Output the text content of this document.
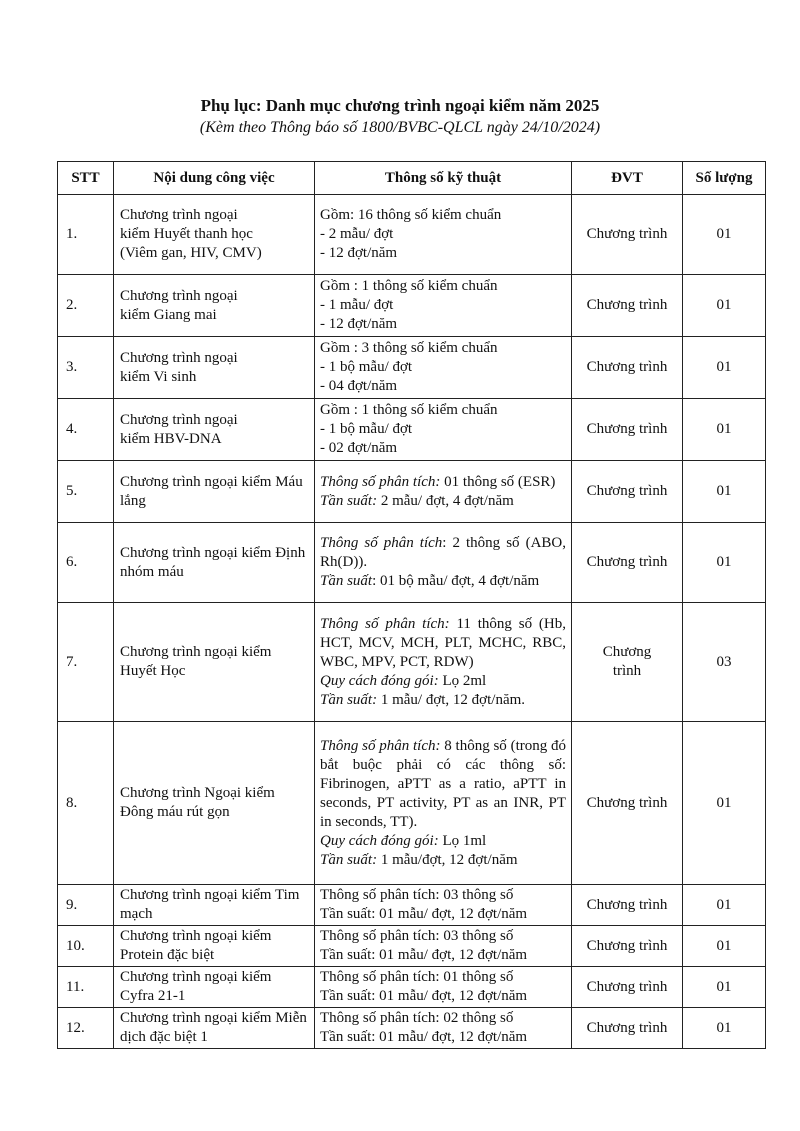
Phụ lục: Danh mục chương trình ngoại kiểm năm 2025
(Kèm theo Thông báo số 1800/BVBC-QLCL ngày 24/10/2024)
STT	Nội dung công việc	Thông số kỹ thuật	ĐVT	Số lượng
1.	Chương trình ngoại kiểm Huyết thanh học (Viêm gan, HIV, CMV)	Gồm: 16 thông số kiểm chuẩn
- 2 mẫu/ đợt
- 12 đợt/năm	Chương trình	01
2.	Chương trình ngoại kiểm Giang mai	Gồm : 1 thông số kiểm chuẩn
- 1 mẫu/ đợt
- 12 đợt/năm	Chương trình	01
3.	Chương trình ngoại kiểm Vi sinh	Gồm : 3 thông số kiểm chuẩn
- 1 bộ mẫu/ đợt
- 04 đợt/năm	Chương trình	01
4.	Chương trình ngoại kiểm HBV-DNA	Gồm : 1 thông số kiểm chuẩn
- 1 bộ mẫu/ đợt
- 02 đợt/năm	Chương trình	01
5.	Chương trình ngoại kiểm Máu lắng	Thông số phân tích: 01 thông số (ESR)
Tần suất: 2 mẫu/ đợt, 4 đợt/năm	Chương trình	01
6.	Chương trình ngoại kiểm Định nhóm máu	Thông số phân tích: 2 thông số (ABO, Rh(D)).
Tần suất: 01 bộ mẫu/ đợt, 4 đợt/năm	Chương trình	01
7.	Chương trình ngoại kiểm Huyết Học	Thông số phân tích: 11 thông số (Hb, HCT, MCV, MCH, PLT, MCHC, RBC, WBC, MPV, PCT, RDW)
Quy cách đóng gói: Lọ 2ml
Tần suất: 1 mẫu/ đợt, 12 đợt/năm.	Chương trình	03
8.	Chương trình Ngoại kiểm Đông máu rút gọn	Thông số phân tích: 8 thông số (trong đó bắt buộc phải có các thông số: Fibrinogen, aPTT as a ratio, aPTT in seconds, PT activity, PT as an INR, PT in seconds, TT).
Quy cách đóng gói: Lọ 1ml
Tần suất: 1 mẫu/đợt, 12 đợt/năm	Chương trình	01
9.	Chương trình ngoại kiểm Tim mạch	Thông số phân tích: 03 thông số
Tần suất: 01 mẫu/ đợt, 12 đợt/năm	Chương trình	01
10.	Chương trình ngoại kiểm Protein đặc biệt	Thông số phân tích: 03 thông số
Tần suất: 01 mẫu/ đợt, 12 đợt/năm	Chương trình	01
11.	Chương trình ngoại kiểm Cyfra 21-1	Thông số phân tích: 01 thông số
Tần suất: 01 mẫu/ đợt, 12 đợt/năm	Chương trình	01
12.	Chương trình ngoại kiểm Miễn dịch đặc biệt 1	Thông số phân tích: 02 thông số
Tần suất: 01 mẫu/ đợt, 12 đợt/năm	Chương trình	01
